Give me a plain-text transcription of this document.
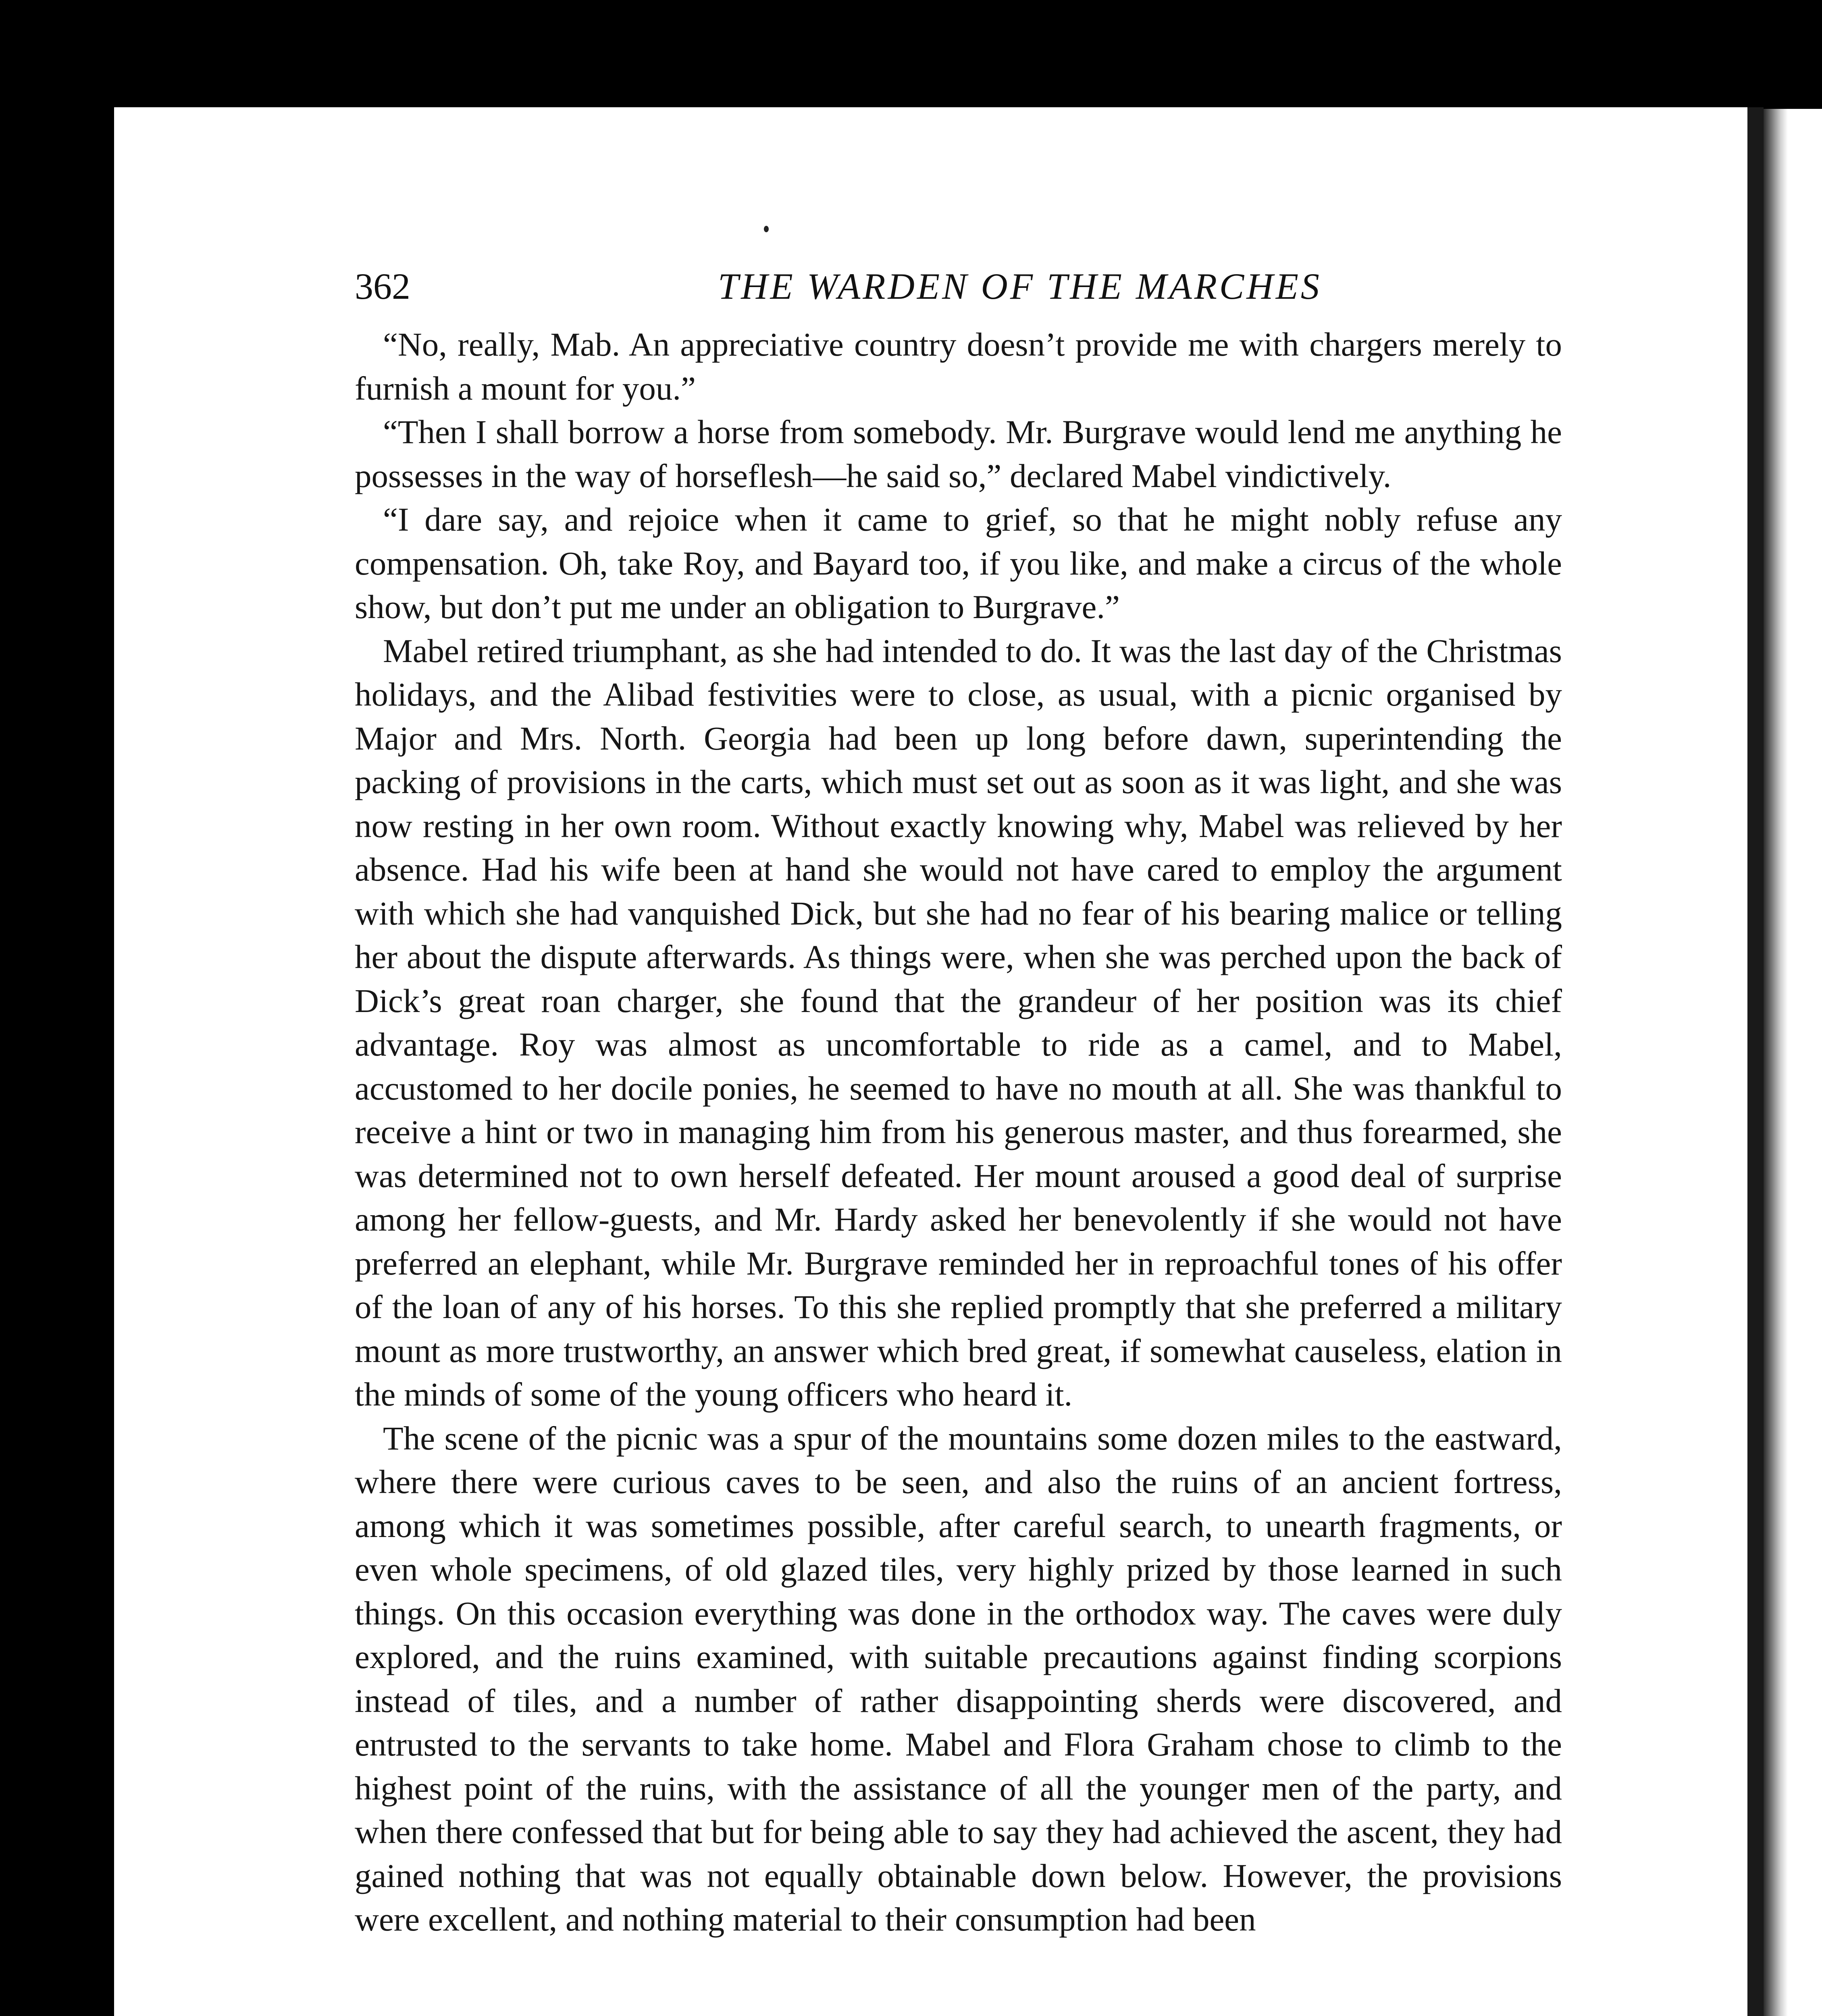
362	THE WARDEN OF THE MARCHES

“No, really, Mab. An appreciative country doesn’t provide me with chargers merely to furnish a mount for you.”

“Then I shall borrow a horse from somebody. Mr. Burgrave would lend me anything he possesses in the way of horseflesh—he said so,” declared Mabel vindictively.

“I dare say, and rejoice when it came to grief, so that he might nobly refuse any compensation. Oh, take Roy, and Bayard too, if you like, and make a circus of the whole show, but don’t put me under an obligation to Burgrave.”

Mabel retired triumphant, as she had intended to do. It was the last day of the Christmas holidays, and the Alibad festivities were to close, as usual, with a picnic organised by Major and Mrs. North. Georgia had been up long before dawn, superintending the packing of provisions in the carts, which must set out as soon as it was light, and she was now resting in her own room. Without exactly knowing why, Mabel was relieved by her absence. Had his wife been at hand she would not have cared to employ the argument with which she had vanquished Dick, but she had no fear of his bearing malice or telling her about the dispute afterwards. As things were, when she was perched upon the back of Dick’s great roan charger, she found that the grandeur of her position was its chief advantage. Roy was almost as uncomfortable to ride as a camel, and to Mabel, accustomed to her docile ponies, he seemed to have no mouth at all. She was thankful to receive a hint or two in managing him from his generous master, and thus forearmed, she was determined not to own herself defeated. Her mount aroused a good deal of surprise among her fellow-guests, and Mr. Hardy asked her benevolently if she would not have preferred an elephant, while Mr. Burgrave reminded her in reproachful tones of his offer of the loan of any of his horses. To this she replied promptly that she preferred a military mount as more trustworthy, an answer which bred great, if somewhat causeless, elation in the minds of some of the young officers who heard it.

The scene of the picnic was a spur of the mountains some dozen miles to the eastward, where there were curious caves to be seen, and also the ruins of an ancient fortress, among which it was sometimes possible, after careful search, to unearth fragments, or even whole specimens, of old glazed tiles, very highly prized by those learned in such things. On this occasion everything was done in the orthodox way. The caves were duly explored, and the ruins examined, with suitable precautions against finding scorpions instead of tiles, and a number of rather disappointing sherds were discovered, and entrusted to the servants to take home. Mabel and Flora Graham chose to climb to the highest point of the ruins, with the assistance of all the younger men of the party, and when there confessed that but for being able to say they had achieved the ascent, they had gained nothing that was not equally obtainable down below. However, the provisions were excellent, and nothing material to their consumption had been
